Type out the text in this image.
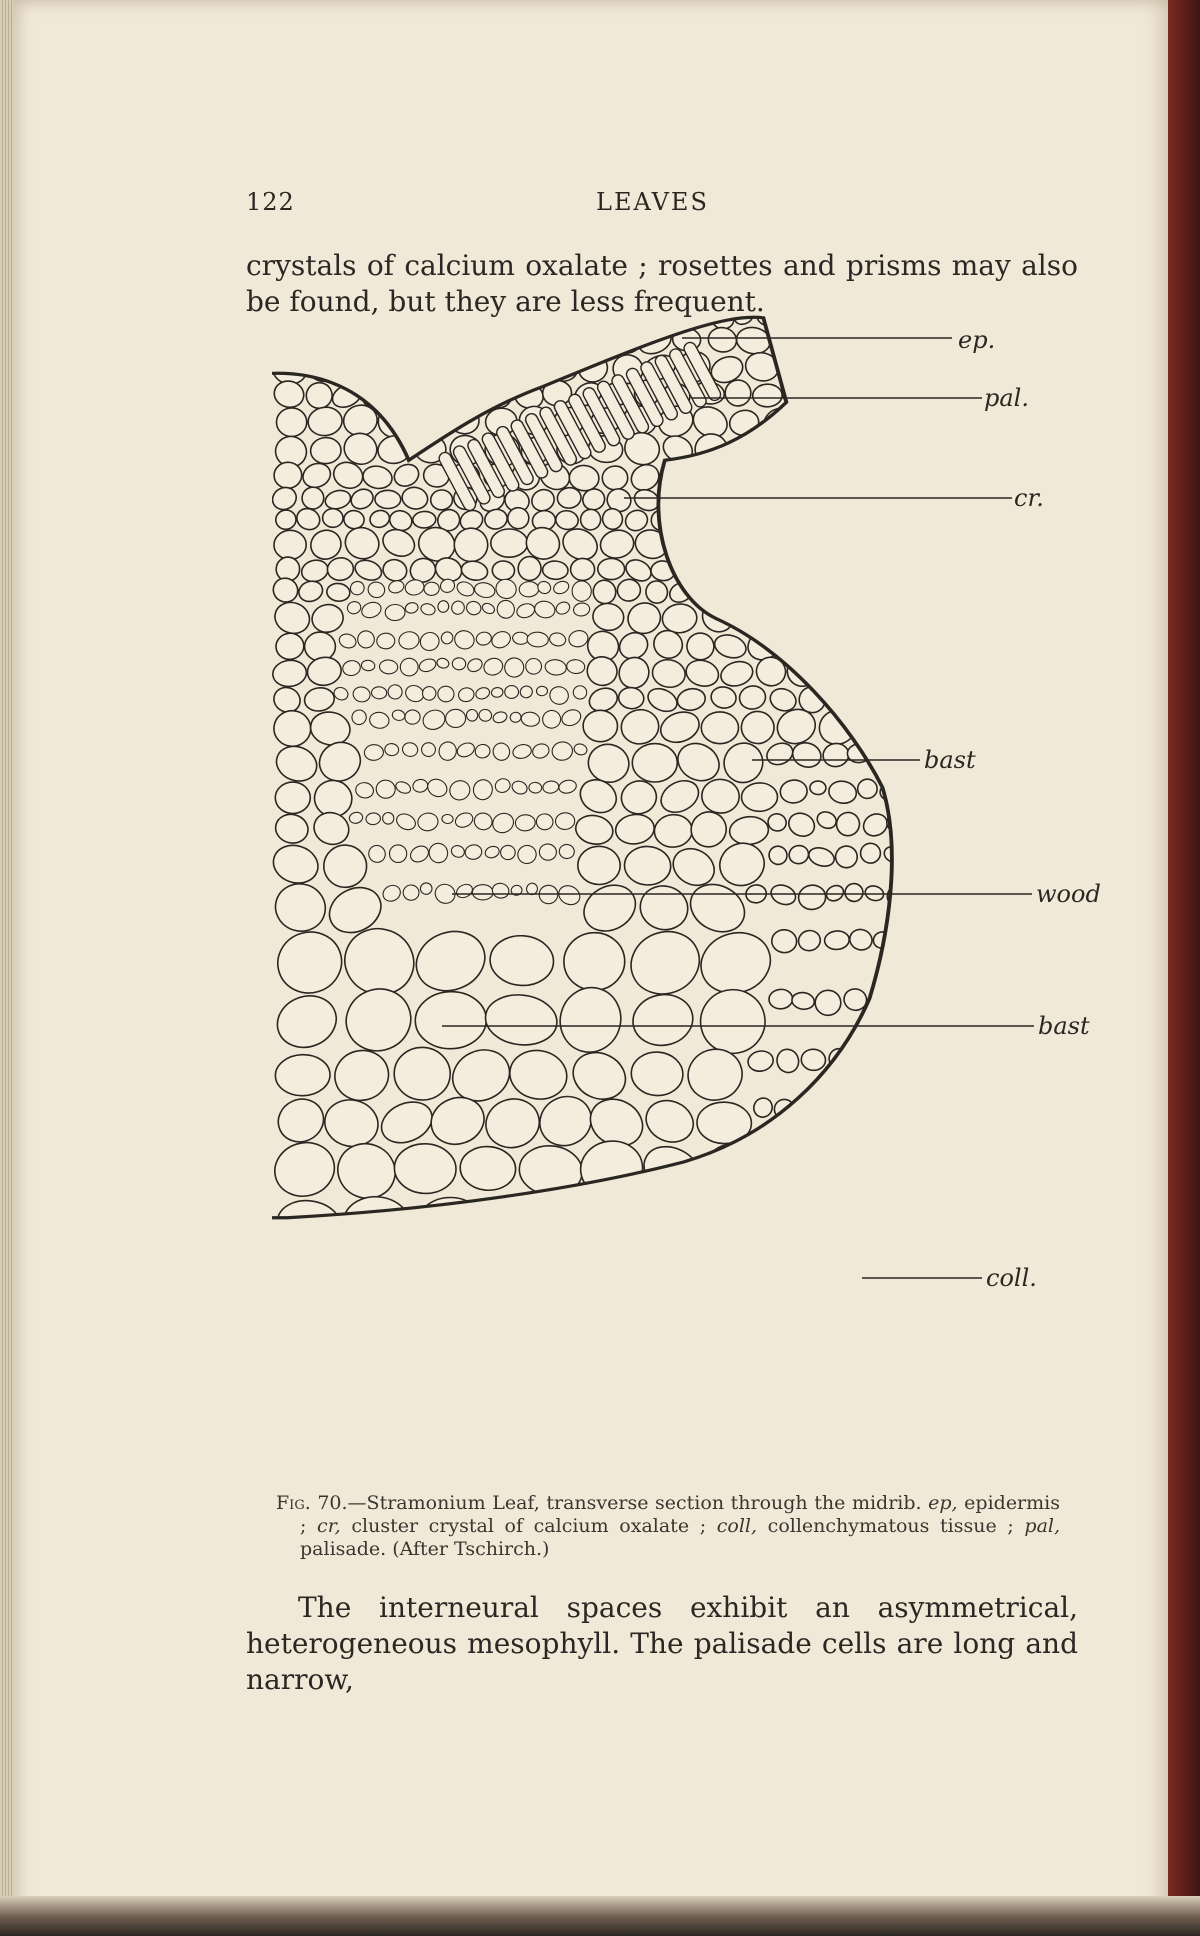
122	LEAVES

crystals of calcium oxalate ; rosettes and prisms may also be found, but they are less frequent.

ep.
pal.
cr.
bast
wood
bast
coll.

Fig. 70.—Stramonium Leaf, transverse section through the midrib. ep, epidermis ; cr, cluster crystal of calcium oxalate ; coll, collenchymatous tissue ; pal, palisade. (After Tschirch.)

The interneural spaces exhibit an asymmetrical, heterogeneous mesophyll. The palisade cells are long and narrow,
